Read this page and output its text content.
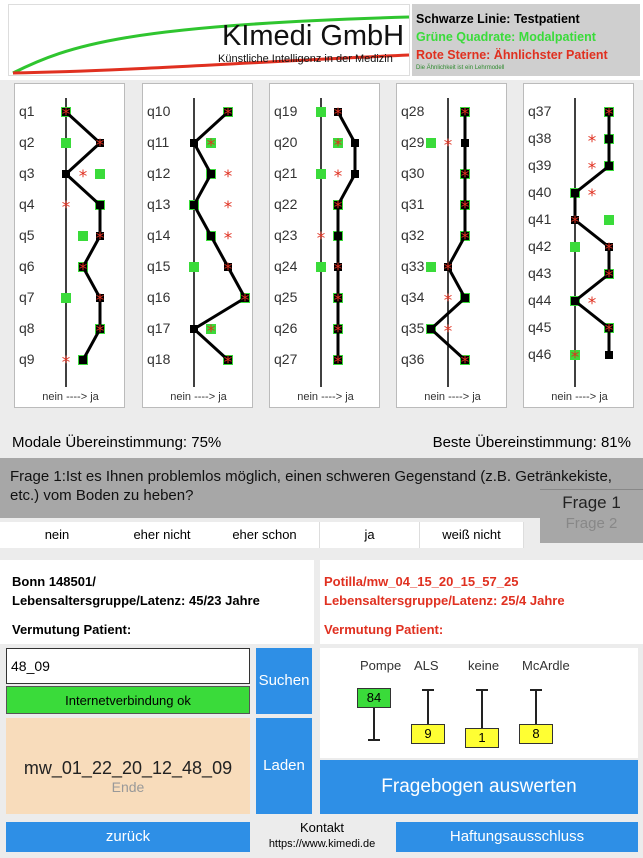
KImedi GmbH
Künstliche Intelligenz in der Medizin
Schwarze Linie: Testpatient
Grüne Quadrate: Modalpatient
Rote Sterne: Ähnlichster Patient
Die Ähnlichkeit ist ein Lehrmodell
q1
q2
q3
q4
q5
q6
q7
q8
q9
*
*
*
*
*
*
*
*
*
nein ----> ja
q10
q11
q12
q13
q14
q15
q16
q17
q18
*
*
*
*
*
*
*
*
*
nein ----> ja
q19
q20
q21
q22
q23
q24
q25
q26
q27
*
*
*
*
*
*
*
*
*
nein ----> ja
q28
q29
q30
q31
q32
q33
q34
q35
q36
*
*
*
*
*
*
*
*
*
nein ----> ja
q37
q38
q39
q40
q41
q42
q43
q44
q45
q46
*
*
*
*
*
*
*
*
*
*
nein ----> ja
Modale Übereinstimmung: 75%	Beste Übereinstimmung: 81%
Frage 1:Ist es Ihnen problemlos möglich, einen schweren Gegenstand (z.B. Getränkekiste, etc.) vom Boden zu heben?	Frage 1
Frage 2
nein	eher nicht	eher schon	ja	weiß nicht
Bonn 148501/
Lebensaltersgruppe/Latenz: 45/23 Jahre
Vermutung Patient:
Potilla/mw_04_15_20_15_57_25
Lebensaltersgruppe/Latenz: 25/4 Jahre
Vermutung Patient:
48_09
Suchen
Internetverbindung ok
mw_01_22_20_12_48_09
Ende
Laden
Pompe ALS keine McArdle
84
9	1	8
Fragebogen auswerten
zurück
Kontakt
https://www.kimedi.de	Haftungsausschluss
